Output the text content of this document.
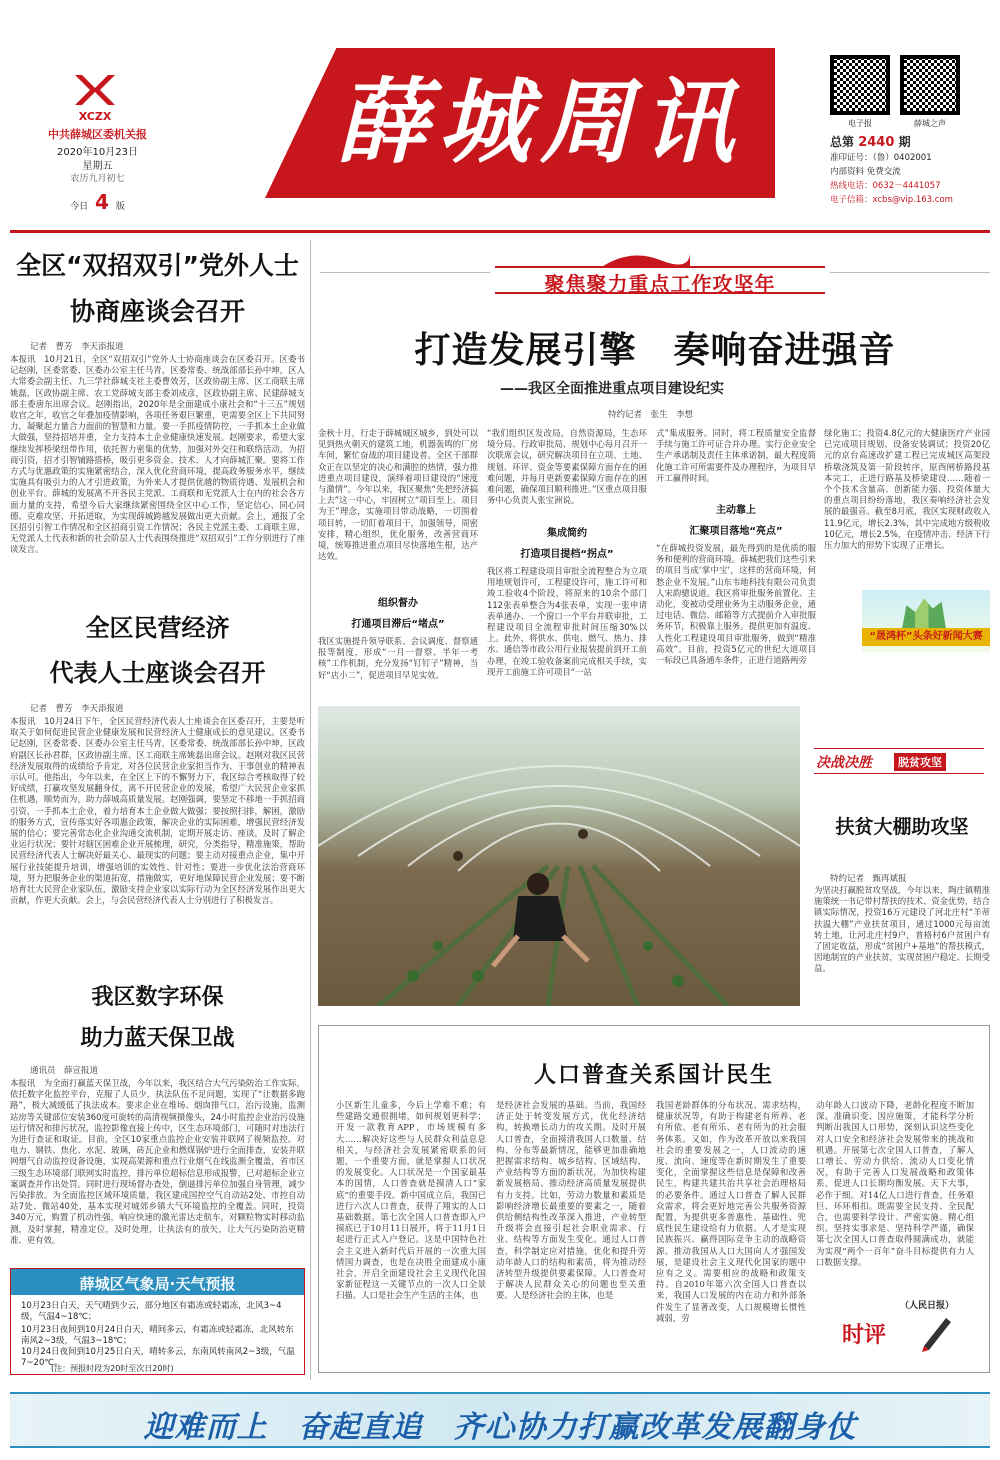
XCZX
中共薛城区委机关报
2020年10月23日
星期五
农历九月初七
今日 4 版
薛城周讯	电子报	薛城之声
总第 2440 期
准印证号：（鲁）0402001
内部资料 免费交流
热线电话：0632－4441057
电子信箱：xcbs@vip.163.com
全区“双招双引”党外人士
协商座谈会召开
记者　曹芳　李天添报道
本报讯　10月21日，全区“双招双引”党外人士协商座谈会在区委召开。区委书记赵刚，区委常委、区委办公室主任马青，区委常委、统战部部长孙中坤，区人大常委会副主任、九三学社薛城支社主委曹效芳，区政协副主席、区工商联主席姚磊，区政协副主席、农工党薛城支部主委刘成彦，区政协副主席、民建薛城支部主委唐东出席会议。赵刚指出，2020年是全面建成小康社会和“十三五”规划收官之年，收官之年叠加疫情影响，各项任务艰巨繁重，更需要全区上下共同努力，凝聚起力量合力面前的智慧和力量。要一手抓疫情防控，一手抓本土企业做大做强，坚持招培并重，全力支持本土企业健康快速发展。赵刚要求，希望大家继续发挥桥梁纽带作用，依托智力密集的优势，加强对外交往和联络活动，为招商引资，招才引智铺路搭桥，吸引更多资金、技术、人才向薛城汇聚。要将工作方式与优惠政策的实施紧密结合，深入优化营商环境，提高政务服务水平，继续实施具有吸引力的人才引进政策，为外来人才提供优越的物质待遇、发展机会和创业平台。薛城的发展离不开各民主党派、工商联和无党派人士在内的社会各方面力量的支持，希望今后大家继续紧密围绕全区中心工作，坚定信心、同心同德、克难攻坚、开拓进取，为实现薛城跨越发展做出更大贡献。会上，通报了全区招引引智工作情况和全区招商引资工作情况；各民主党派主委、工商联主席、无党派人士代表和新的社会阶层人士代表围绕推进“双招双引”工作分别进行了座谈发言。
全区民营经济
代表人士座谈会召开
记者　曹芳　李天添报道
本报讯　10月24日下午，全区民营经济代表人士座谈会在区委召开，主要是听取关于如何促进民营企业健康发展和民营经济人士健康成长的意见建议。区委书记赵刚，区委常委、区委办公室主任马青，区委常委、统战部部长孙中坤，区政府副区长孙君群，区政协副主席、区工商联主席姚磊出席会议。赵刚对我区民营经济发展取得的成绩给予肯定，对各位民营企业家担当作为、干事创业的精神表示认可。他指出，今年以来，在全区上下的不懈努力下，我区综合考核取得了较好成绩，打赢攻坚发展翻身仗，离不开民营企业的发展，希望广大民营企业家抓住机遇，顺势而为，助力薛城高质量发展。赵刚强调，要坚定不移地一手抓招商引资，一手抓本土企业，着力培育本土企业做大做强；要按照扫排，解困，激励的服务方式，宣传落实好各项惠企政策，解决企业的实际困难，增强民营经济发展的信心；要完善常态化企业沟通交流机制，定期开展走访、座谈，及时了解企业运行状况；要针对辖区困难企业开展梳理，研究，分类指导，精准施策，帮助民营经济代表人士解决好最关心、最现实的问题；要主动对接重点企业，集中开展行业技能提升培训，增强培训的实效性、针对性；要进一步优化法治营商环境，努力把服务企业的渠道拓宽，措施做实，更好地保障民营企业发展；要不断培育壮大民营企业家队伍，激励支持企业家以实际行动为全区经济发展作出更大贡献，作更大贡献。会上，与会民营经济代表人士分别进行了积极发言。
我区数字环保
助力蓝天保卫战
通讯员　薛宣报道
本报讯　为全面打赢蓝天保卫战，今年以来，我区结合大气污染防治工作实际，依托数字化监控平台，克服了人员少，执法队伍不足问题，实现了“让数据多跑路”，极大减缓低了执法成本。要求企业在堆场、烟囱排气口，治污设施，监测站房等关键部位安装360度可旋转的高清视频摄像头，24小时监控企业治污设施运行情况和排污状况，监控影像直接上传中，区生态环境部门，可随时对违法行为进行查证和取证。目前，全区10家重点监控企业安装并联网了视频监控。对电力、钢铁、焦化、水泥、玻璃，砖瓦企业和燃煤锅炉进行全面排查，安装并联网烟气自动监控设备设施，实现高架源和重点行业烟气在线监测全覆盖，省市区三级生态环境部门联网实时监控，排污单位超标信息形成报警，已对超标企业立案调查并作出处罚。同时进行现场督办查处，倒逼排污单位加强自身管理，减少污染排放。为全面监控区域环境质量，我区建成国控空气自动站2处、市控自动站7处、微站40处，基本实现对城郊乡镇大气环境监控的全覆盖。同时，投资340万元，购置了机动性强，响应快速的激光雷达走航车，对颗粒物实时移动监测，及时掌握，精准定位，及时处理，让执法有的放矢，让大气污染防治更精准、更有效。
聚焦聚力重点工作攻坚年
打造发展引擎　奏响奋进强音
——我区全面推进重点项目建设纪实
特约记者　张生　李想
金秋十月，行走于薛城城区城乡，到处可以见到热火朝天的建筑工地，机器轰鸣的厂房车间，繁忙奋战的项目建设者。全区干部群众正在以坚定的决心和满腔的热情，强力推进重点项目建设，演绎着项目建设的“速度与激情”。今年以来，我区聚焦“先把经济搞上去”这一中心，牢固树立“项目至上、项目为王”理念，实施项目带动战略，一切围着项目转，一切盯着项目干，加强领导，周密安排，精心组织，优化服务，改善营商环境，统筹推进重点项目尽快落地生根，达产达效。
组织督办
打通项目滞后“堵点”
我区实施提升领导联系、会议调度、督察通报等制度，形成“一月一督察、半年一考核”工作机制，充分发扬“钉钉子”精神，当好“店小二”，促进项目早见实效。
“我们组织区发改局，自然资源局，生态环境分局、行政审批局、规划中心每月召开一次联席会议，研究解决项目在立项、土地、规划、环评、资金等要素保障方面存在的困难问题，并每月更新要素保障方面存在的困难问题，确保项目顺利推进。”区重点项目服务中心负责人张宝洲说。
集成简约
打造项目提档“拐点”
我区将工程建设项目审批全流程整合为立项用地规划许可，工程建设许可，施工许可和竣工验收4个阶段，将原来的10余个部门112张表单整合为4张表单，实现一张申请表单通办、一个窗口一个平台并联审批，工程建设项目全流程审批时间压缩30%以上。此外，将供水、供电、燃气、热力、排水、通信等市政公用行业报装提前到开工前办理，在竣工验收备案前完成相关手续，实现开工前施工许可项目“一站
式”集成服务。同时，将工程质量安全监督手续与施工许可证合并办理。实行企业安全生产承诺制及责任主体承诺制，最大程度简化施工许可所需要件及办理程序，为项目早开工赢得时间。
主动靠上
汇聚项目落地“亮点”
“在薛城投资发展，最先得到的是优质的服务和便利的营商环境。薛城把我们这些引来的项目当成‘掌中宝’，这样的营商环境，何愁企业不发展。”山东韦地科技有限公司负责人宋韵骢说道。我区将审批服务前置化、主动化，变被动受理业务为主动服务企业，通过电话、微信、邮箱等方式提前介入审批服务环节，积极靠上服务。提供更加有温度、人性化工程建设项目审批服务，做到“精准高效”。目前，投资5亿元的世纪大道项目一标段已具备通车条件，正进行道路两旁
绿化施工；投资4.8亿元的大健康医疗产业园已完成项目规划、设备安装调试；投资20亿元的京台高速改扩建工程已完成城区高架段桥墩浇筑及第一阶段转序，原西闸桥路段基本完工，正进行路基及桥梁建设……随着一个个技术含量高、创新能力强、投资体量大的重点项目纷纷落地，我区奏响经济社会发展的最强音。截至8月底，我区实现财政收入11.9亿元，增长2.3%，其中完成地方级税收10亿元，增长2.5%，在疫情冲击、经济下行压力加大的形势下实现了正增长。
“晟鸿杯”头条好新闻大赛
决战决胜	脱贫攻坚
扶贫大棚助攻坚
特约记者　甄再斌报
为坚决打赢脱贫攻坚战，今年以来，陶庄镇精准施策统一书记带村帮扶的技术、资金优势，结合镇实际情况，投资16万元建设了河北庄村“羊蒂扶温大棚”产业扶贫项目，通过1000元每亩流转土地，让河北庄村9户，普格村6户贫困户有了固定收益，形成“贫困户+基地”的帮扶模式，因地制宜的产业扶贫，实现贫困户稳定、长期受益。
人口普查关系国计民生
小区新生儿童多，今后上学难不难；有些建路交通很拥堵，如何规划更科学；开发一款教育APP，市场规模有多大……解决好这些与人民群众利益息息相关，与经济社会发展紧密联系的问题，一个重要方面，就是掌握人口状况的发展变化。人口状况是一个国家最基本的国情，人口普查就是摸清人口“家底”的重要手段。新中国成立后，我国已进行六次人口普查，获得了翔实的人口基础数据。第七次全国人口普查即入户摸底已于10月11日展开，将于11月1日起进行正式入户登记。这是中国特色社会主义进入新时代后开展的一次重大国情国力调查，也是在决胜全面建成小康社会，开启全面建设社会主义现代化国家新征程这一关键节点的一次人口全景扫描。人口是社会生产生活的主体，也
是经济社会发展的基础。当前，我国经济正处于转变发展方式，优化经济结构，转换增长动力的攻关期。及时开展人口普查，全面摸清我国人口数量、结构、分布等最新情况，能够更加准确地把握需求结构、城乡结构、区域结构、产业结构等方面的新状况，为加快构建新发展格局、推动经济高质量发展提供有力支持。比如，劳动力数量和素质是影响经济增长最重要的要素之一，随着供给侧结构性改革深入推进，产业转型升级将会直接引起社会职业需求、行业、结构等方面发生变化。通过人口普查，科学制定应对措施，优化和提升劳动年龄人口的结构和素质，将为推动经济转型升级提供要素保障。人口普查对于解决人民群众关心的问题也至关重要。人是经济社会的主体，也是
我国老龄群体的分布状况、需求结构，健康状况等，有助于构建老有所养、老有所依、老有所乐、老有所为的社会服务体系。又如，作为改革开放以来我国社会的重要发展之一，人口流动的速度、流向、速度等在新时期发生了重要变化，全面掌握这些信息是保障和改善民生，构建共建共治共享社会治理格局的必要条件。通过人口普查了解人民群众需求，将会更好地完善公共服务资源配置，为提供更多普惠性、基础性、兜底性民生建设给有力依据。人才是实现民族振兴、赢得国际竞争主动的战略资源。推动我国从人口大国向人才强国发展，是建设社会主义现代化国家的题中应有之义。需要相应的战略和政策支持。自2010年第六次全国人口普查以来，我国人口发展的内在动力和外部条件发生了显著改变，人口规模增长惯性减弱，劳
动年龄人口波动下降，老龄化程度不断加深。准确识变、因应施策，才能科学分析判断出我国人口形势，深刻认识这些变化对人口安全和经济社会发展带来的挑战和机遇。开展第七次全国人口普查，了解人口增长、劳动力供给、流动人口变化情况，有助于完善人口发展战略和政策体系，促进人口长期均衡发展。天下大事，必作于细。对14亿人口进行普查，任务艰巨、环环相扣。既需要全民支持、全民配合，也需要科学设计、严密实施、精心组织。坚持实事求是、坚持科学严谨，确保第七次全国人口普查取得圆满成功，就能为实现“两个一百年”奋斗目标提供有力人口数据支撑。
（人民日报）
时评
薛城区气象局·天气预报
10月23日白天，天气晴到少云，部分地区有霜冻或轻霜冻，北风3~4级，气温4~18℃；
10月23日夜间到10月24日白天，晴间多云，有霜冻或轻霜冻，北风转东南风2~3级，气温3~18℃；
10月24日夜间到10月25日白天，晴转多云，东南风转南风2~3级，气温7~20℃。
(注：预报时段为20时至次日20时)
迎难而上　奋起直追　齐心协力打赢改革发展翻身仗
